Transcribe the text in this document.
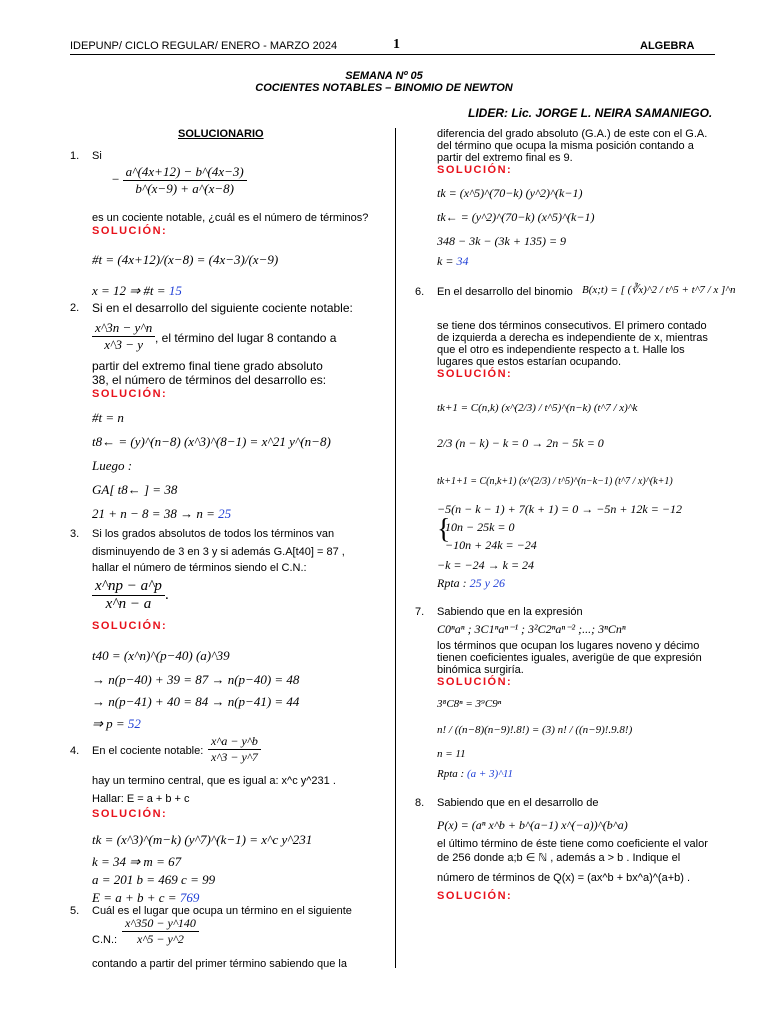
IDEPUNP/ CICLO REGULAR/ ENERO - MARZO 2024	1	ALGEBRA
SEMANA Nº 05
COCIENTES NOTABLES – BINOMIO DE NEWTON
LIDER: Lic. JORGE L. NEIRA SAMANIEGO.
SOLUCIONARIO
1. Si
− $\frac{a\^{}(4x+12) - b\^{}(4x-3)}{b\^{}(x-9) + a\^{}(x-8)}$
es un cociente notable, ¿cuál es el número de términos?
SOLUCIÓN:
#t = (4x+12)/(x−8) = (4x−3)/(x−9)
x = 12 ⇒ #t = 15
2. Si en el desarrollo del siguiente cociente notable:
$\frac{x\^{}3n - y\^{}n}{x\^{}3 - y}$ , el término del lugar 8 contando a
partir del extremo final tiene grado absoluto
38, el número de términos del desarrollo es:
SOLUCIÓN:
#t = n
t8← = (y)^(n−8) (x^3)^(8−1) = x^21 y^(n−8)
Luego :
GA[ t8← ] = 38
21 + n − 8 = 38 → n = 25
3. Si los grados absolutos de todos los términos van
disminuyendo de 3 en 3 y si además G.A[t40] = 87 ,
hallar el número de términos siendo el C.N.:
$\frac{x\^{}np - a\^{}p}{x\^{}n - a}$ .
SOLUCIÓN:
t40 = (x^n)^(p−40) (a)^39
→ n(p−40) + 39 = 87 → n(p−40) = 48
→ n(p−41) + 40 = 84 → n(p−41) = 44
⇒ p = 52
4. En el cociente notable: $\frac{x\^{}a - y\^{}b}{x\^{}3 - y\^{}7}$
hay un termino central, que es igual a: x^c y^231 .
Hallar: E = a + b + c
SOLUCIÓN:
tk = (x^3)^(m−k) (y^7)^(k−1) = x^c y^231
k = 34 ⇒ m = 67
a = 201 b = 469 c = 99
E = a + b + c = 769
5. Cuál es el lugar que ocupa un término en el siguiente
C.N.: $\frac{x\^{}350 - y\^{}140}{x\^{}5 - y\^{}2}$
contando a partir del primer término sabiendo que la
diferencia del grado absoluto (G.A.) de este con el G.A.
del término que ocupa la misma posición contando a
partir del extremo final es 9.
SOLUCIÓN:
tk = (x^5)^(70−k) (y^2)^(k−1)
tk← = (y^2)^(70−k) (x^5)^(k−1)
348 − 3k − (3k + 135) = 9
k = 34
6. En el desarrollo del binomio B(x;t) = [ (∛x)^2 / t^5 + t^7 / x ]^n
se tiene dos términos consecutivos. El primero contado
de izquierda a derecha es independiente de x, mientras
que el otro es independiente respecto a t. Halle los
lugares que estos estarían ocupando.
SOLUCIÓN:
tk+1 = C(n,k) (x^(2/3) / t^5)^(n−k) (t^7 / x)^k
2/3 (n − k) − k = 0 → 2n − 5k = 0
tk+1+1 = C(n,k+1) (x^(2/3) / t^5)^(n−k−1) (t^7 / x)^(k+1)
−5(n − k − 1) + 7(k + 1) = 0 → −5n + 12k = −12
{
10n − 25k = 0
−10n + 24k = −24
−k = −24 → k = 24
Rpta : 25 y 26
7. Sabiendo que en la expresión
C0ⁿaⁿ ; 3C1ⁿaⁿ⁻¹ ; 3²C2ⁿaⁿ⁻² ;...; 3ⁿCnⁿ
los términos que ocupan los lugares noveno y décimo
tienen coeficientes iguales, averigüe de que expresión
binómica surgiría.
SOLUCIÓN:
3⁸C8ⁿ = 3⁹C9ⁿ
n! / ((n−8)(n−9)!.8!) = (3) n! / ((n−9)!.9.8!)
n = 11
Rpta : (a + 3)^11
8. Sabiendo que en el desarrollo de
P(x) = (aⁿ x^b + b^(a−1) x^(−a))^(b^a)
el último término de éste tiene como coeficiente el valor
de 256 donde a;b ∈ ℕ , además a > b . Indique el
número de términos de Q(x) = (ax^b + bx^a)^(a+b) .
SOLUCIÓN:
